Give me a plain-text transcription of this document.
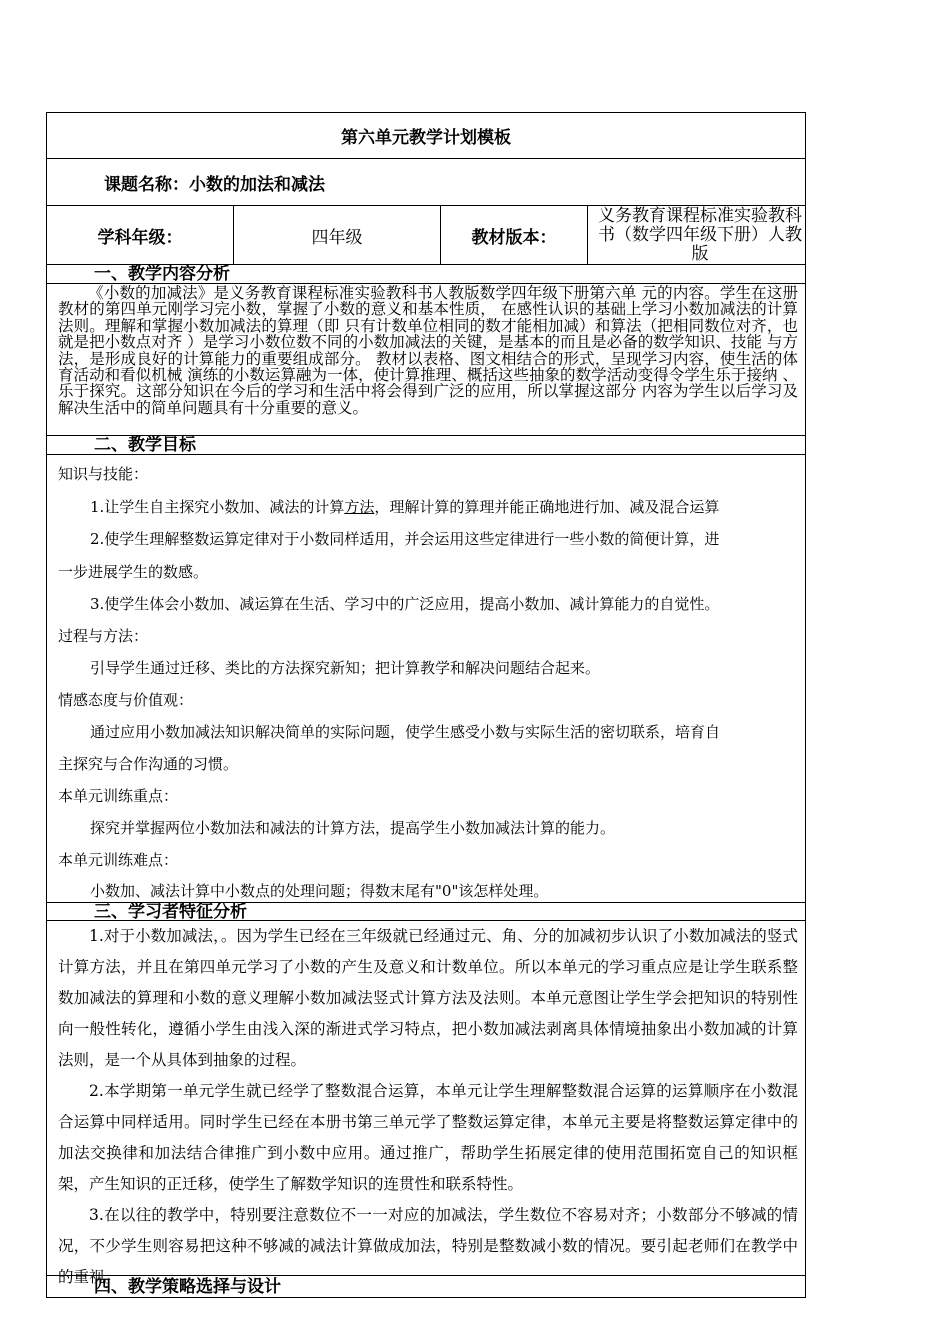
第六单元教学计划模板
课题名称： 小数的加法和减法
学科年级：	四年级	教材版本：
义务教育课程标准实验教科书（数学四年级下册）人教版
一、教学内容分析
《小数的加减法》是义务教育课程标准实验教科书人教版数学四年级下册第六单 元的内容。学生在这册教材的第四单元刚学习完小数，掌握了小数的意义和基本性质， 在感性认识的基础上学习小数加减法的计算法则。理解和掌握小数加减法的算理（即 只有计数单位相同的数才能相加减）和算法（把相同数位对齐，也就是把小数点对齐 ）是学习小数位数不同的小数加减法的关键，是基本的而且是必备的数学知识、技能 与方法，是形成良好的计算能力的重要组成部分。 教材以表格、图文相结合的形式，呈现学习内容，使生活的体育活动和看似机械 演练的小数运算融为一体，使计算推理、概括这些抽象的数学活动变得令学生乐于接纳 、乐于探究。这部分知识在今后的学习和生活中将会得到广泛的应用，所以掌握这部分 内容为学生以后学习及解决生活中的简单问题具有十分重要的意义。
二、教学目标
知识与技能：
1.让学生自主探究小数加、减法的计算方法，理解计算的算理并能正确地进行加、减及混合运算
2.使学生理解整数运算定律对于小数同样适用，并会运用这些定律进行一些小数的简便计算，进
一步进展学生的数感。
3.使学生体会小数加、减运算在生活、学习中的广泛应用，提高小数加、减计算能力的自觉性。
过程与方法：
引导学生通过迁移、类比的方法探究新知；把计算教学和解决问题结合起来。
情感态度与价值观：
通过应用小数加减法知识解决简单的实际问题，使学生感受小数与实际生活的密切联系，培育自
主探究与合作沟通的习惯。
本单元训练重点：
探究并掌握两位小数加法和减法的计算方法，提高学生小数加减法计算的能力。
本单元训练难点：
小数加、减法计算中小数点的处理问题；得数末尾有"0"该怎样处理。
三、学习者特征分析

1.对于小数加减法，。因为学生已经在三年级就已经通过元、角、分的加减初步认识了小数加减法的竖式计算方法，并且在第四单元学习了小数的产生及意义和计数单位。所以本单元的学习重点应是让学生联系整数加减法的算理和小数的意义理解小数加减法竖式计算方法及法则。本单元意图让学生学会把知识的特别性向一般性转化，遵循小学生由浅入深的渐进式学习特点，把小数加减法剥离具体情境抽象出小数加减的计算法则，是一个从具体到抽象的过程。

2.本学期第一单元学生就已经学了整数混合运算，本单元让学生理解整数混合运算的运算顺序在小数混合运算中同样适用。同时学生已经在本册书第三单元学了整数运算定律，本单元主要是将整数运算定律中的加法交换律和加法结合律推广到小数中应用。通过推广，帮助学生拓展定律的使用范围拓宽自己的知识框架，产生知识的正迁移，使学生了解数学知识的连贯性和联系特性。

3.在以往的教学中，特别要注意数位不一一对应的加减法，学生数位不容易对齐；小数部分不够减的情况，不少学生则容易把这种不够减的减法计算做成加法，特别是整数减小数的情况。要引起老师们在教学中的重视。

四、教学策略选择与设计
